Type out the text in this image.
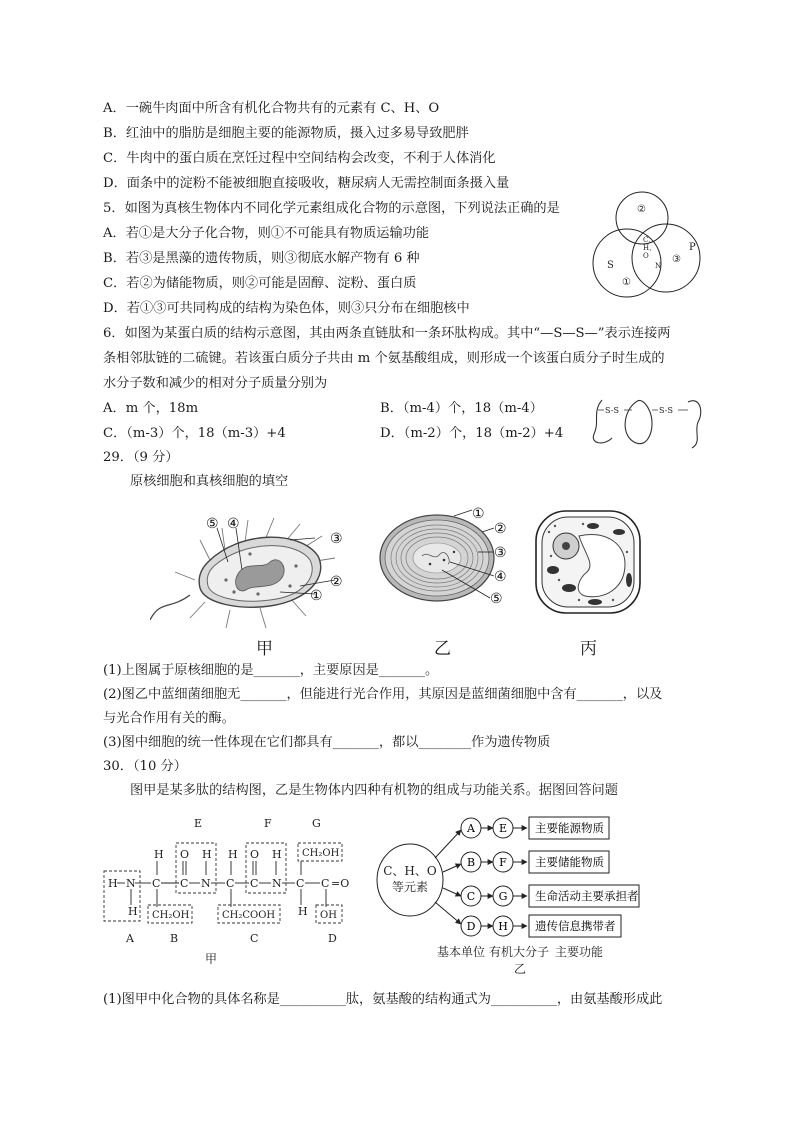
A．一碗牛肉面中所含有机化合物共有的元素有 C、H、O
B．红油中的脂肪是细胞主要的能源物质，摄入过多易导致肥胖
C．牛肉中的蛋白质在烹饪过程中空间结构会改变，不利于人体消化
D．面条中的淀粉不能被细胞直接吸收，糖尿病人无需控制面条摄入量
5．如图为真核生物体内不同化学元素组成化合物的示意图，下列说法正确的是
A．若①是大分子化合物，则①不可能具有物质运输功能
B．若③是黑藻的遗传物质，则③彻底水解产物有 6 种
C．若②为储能物质，则②可能是固醇、淀粉、蛋白质
D．若①③可共同构成的结构为染色体，则③只分布在细胞核中
②
①
③
S
P
N
C、
H、
O
6．如图为某蛋白质的结构示意图，其由两条直链肽和一条环肽构成。其中“—S—S—”表示连接两
条相邻肽链的二硫键。若该蛋白质分子共由 m 个氨基酸组成，则形成一个该蛋白质分子时生成的
水分子数和减少的相对分子质量分别为
A．m 个，18m	B．（m-4）个，18（m-4）
C．（m-3）个，18（m-3）+4	D．（m-2）个，18（m-2）+4
S-S	S-S
29．（9 分）
原核细胞和真核细胞的填空
⑤ ④
③
②
①
①
②
③
④
⑤
甲	乙	丙
(1)上图属于原核细胞的是_______，主要原因是_______。
(2)图乙中蓝细菌细胞无_______，但能进行光合作用，其原因是蓝细菌细胞中含有_______，以及
与光合作用有关的酶。
(3)图中细胞的统一性体现在它们都具有_______，都以________作为遗传物质
30．（10 分）
图甲是某多肽的结构图，乙是生物体内四种有机物的组成与功能关系。据图回答问题
E	F	G
A	B	C	D
H N
H
C
H
C
O
N
H
C
H
C
O
N
H
C
H
C =O
CH₂OH	CH₂COOH
CH₂OH
OH
甲
C、H、O
等元素
A E 主要能源物质
B F 主要储能物质
C G 生命活动主要承担者
D H 遗传信息携带者
基本单位 有机大分子 主要功能
乙
(1)图甲中化合物的具体名称是__________肽，氨基酸的结构通式为__________，由氨基酸形成此
